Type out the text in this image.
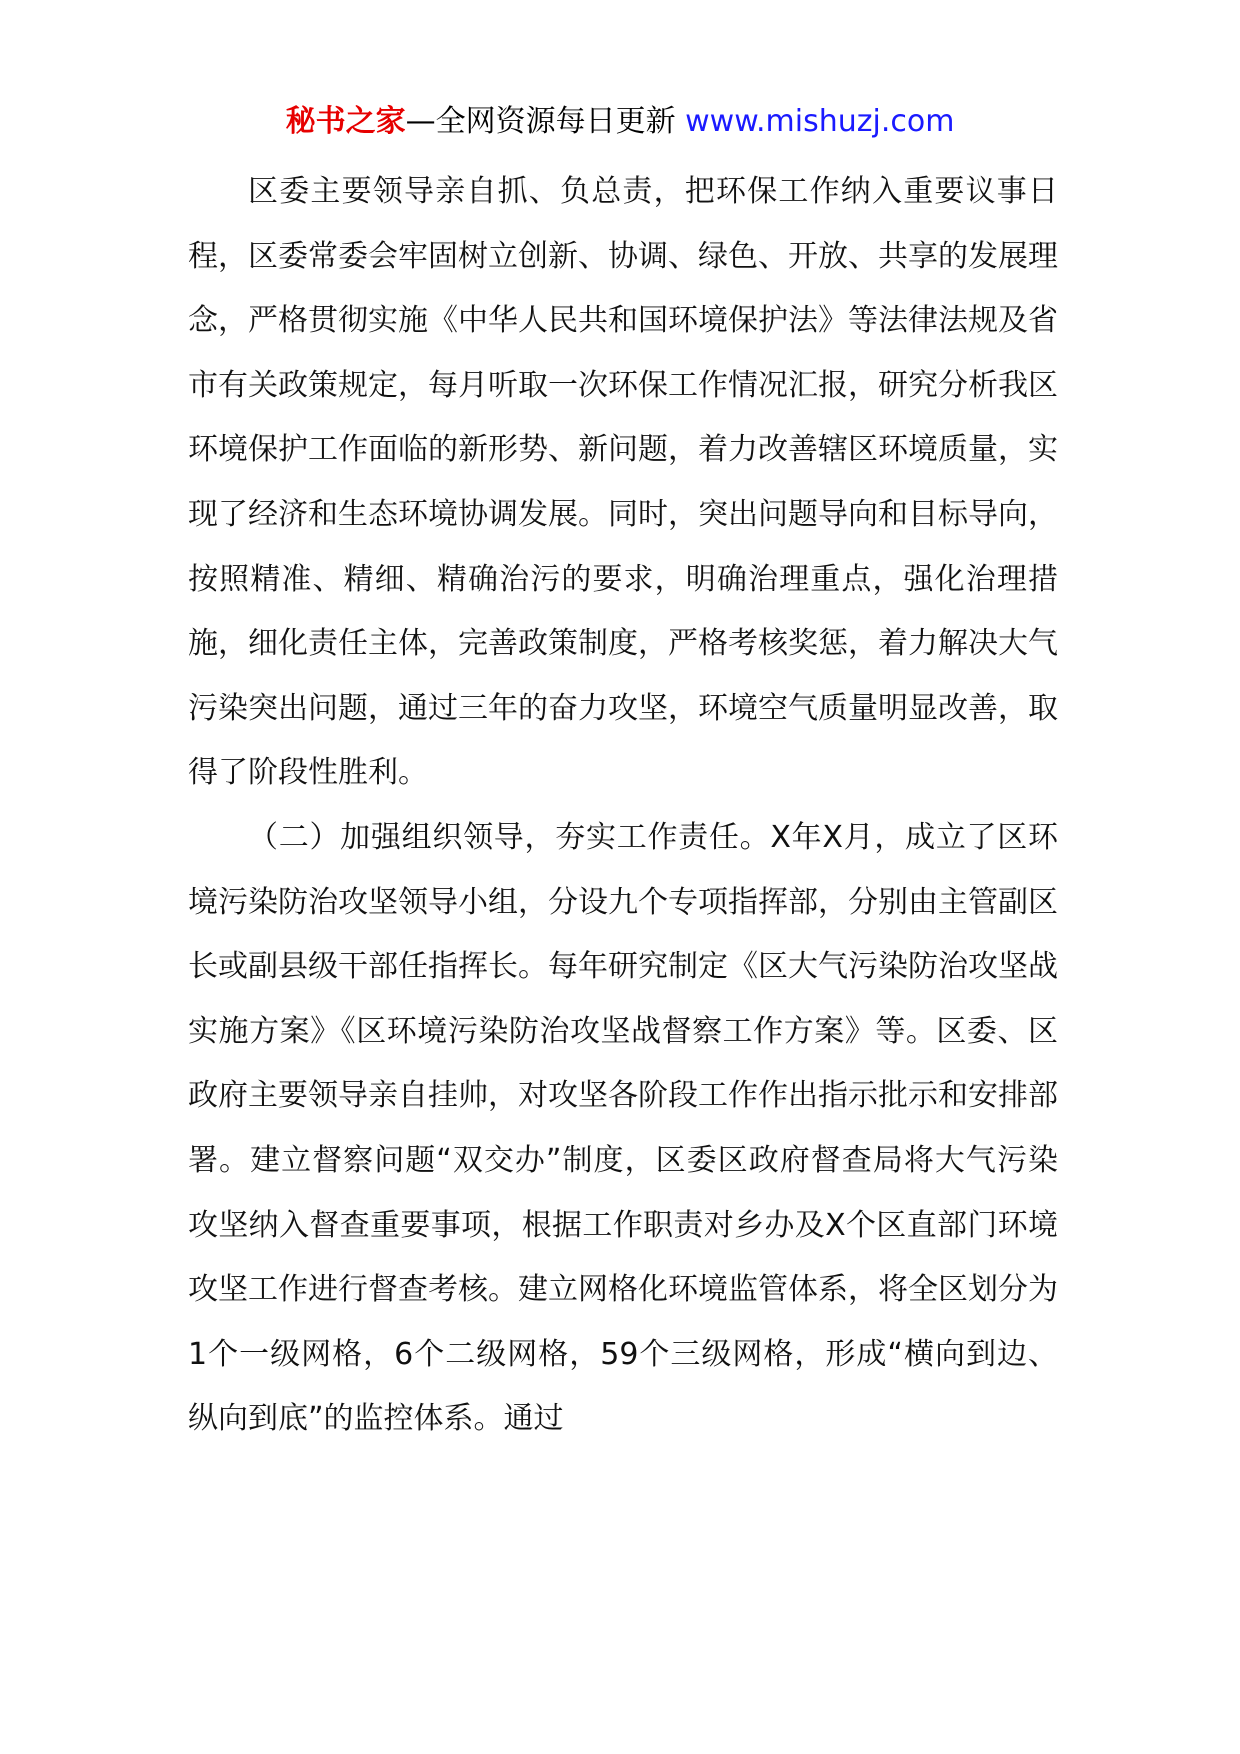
秘书之家—全网资源每日更新 www.mishuzj.com

区委主要领导亲自抓、负总责，把环保工作纳入重要议事日程，区委常委会牢固树立创新、协调、绿色、开放、共享的发展理念，严格贯彻实施《中华人民共和国环境保护法》等法律法规及省市有关政策规定，每月听取一次环保工作情况汇报，研究分析我区环境保护工作面临的新形势、新问题，着力改善辖区环境质量，实现了经济和生态环境协调发展。同时，突出问题导向和目标导向，按照精准、精细、精确治污的要求，明确治理重点，强化治理措施，细化责任主体，完善政策制度，严格考核奖惩，着力解决大气污染突出问题，通过三年的奋力攻坚，环境空气质量明显改善，取得了阶段性胜利。

（二）加强组织领导，夯实工作责任。X年X月，成立了区环境污染防治攻坚领导小组，分设九个专项指挥部，分别由主管副区长或副县级干部任指挥长。每年研究制定《区大气污染防治攻坚战实施方案》《区环境污染防治攻坚战督察工作方案》等。区委、区政府主要领导亲自挂帅，对攻坚各阶段工作作出指示批示和安排部署。建立督察问题“双交办”制度，区委区政府督查局将大气污染攻坚纳入督查重要事项，根据工作职责对乡办及X个区直部门环境攻坚工作进行督查考核。建立网格化环境监管体系，将全区划分为1个一级网格，6个二级网格，59个三级网格，形成“横向到边、纵向到底”的监控体系。通过
